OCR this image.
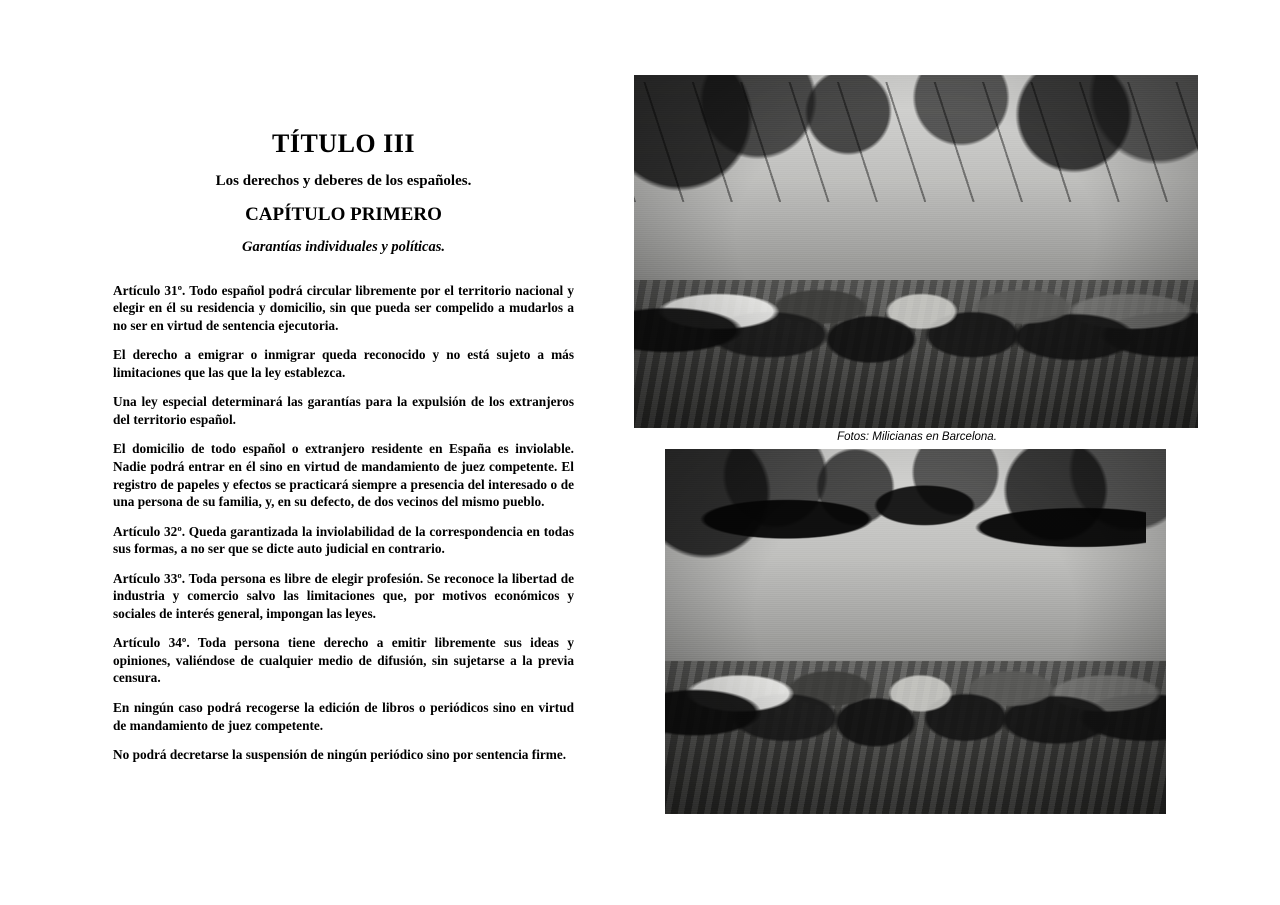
TÍTULO III
Los derechos y deberes de los españoles.
CAPÍTULO PRIMERO
Garantías individuales y políticas.

Artículo 31º. Todo español podrá circular libremente por el territorio nacional y elegir en él su residencia y domicilio, sin que pueda ser compelido a mudarlos a no ser en virtud de sentencia ejecutoria.

El derecho a emigrar o inmigrar queda reconocido y no está sujeto a más limitaciones que las que la ley establezca.

Una ley especial determinará las garantías para la expulsión de los extranjeros del territorio español.

El domicilio de todo español o extranjero residente en España es inviolable. Nadie podrá entrar en él sino en virtud de mandamiento de juez competente. El registro de papeles y efectos se practicará siempre a presencia del interesado o de una persona de su familia, y, en su defecto, de dos vecinos del mismo pueblo.

Artículo 32º. Queda garantizada la inviolabilidad de la correspondencia en todas sus formas, a no ser que se dicte auto judicial en contrario.

Artículo 33º. Toda persona es libre de elegir profesión. Se reconoce la libertad de industria y comercio salvo las limitaciones que, por motivos económicos y sociales de interés general, impongan las leyes.

Artículo 34º. Toda persona tiene derecho a emitir libremente sus ideas y opiniones, valiéndose de cualquier medio de difusión, sin sujetarse a la previa censura.

En ningún caso podrá recogerse la edición de libros o periódicos sino en virtud de mandamiento de juez competente.

No podrá decretarse la suspensión de ningún periódico sino por sentencia firme.

Fotos: Milicianas en Barcelona.
